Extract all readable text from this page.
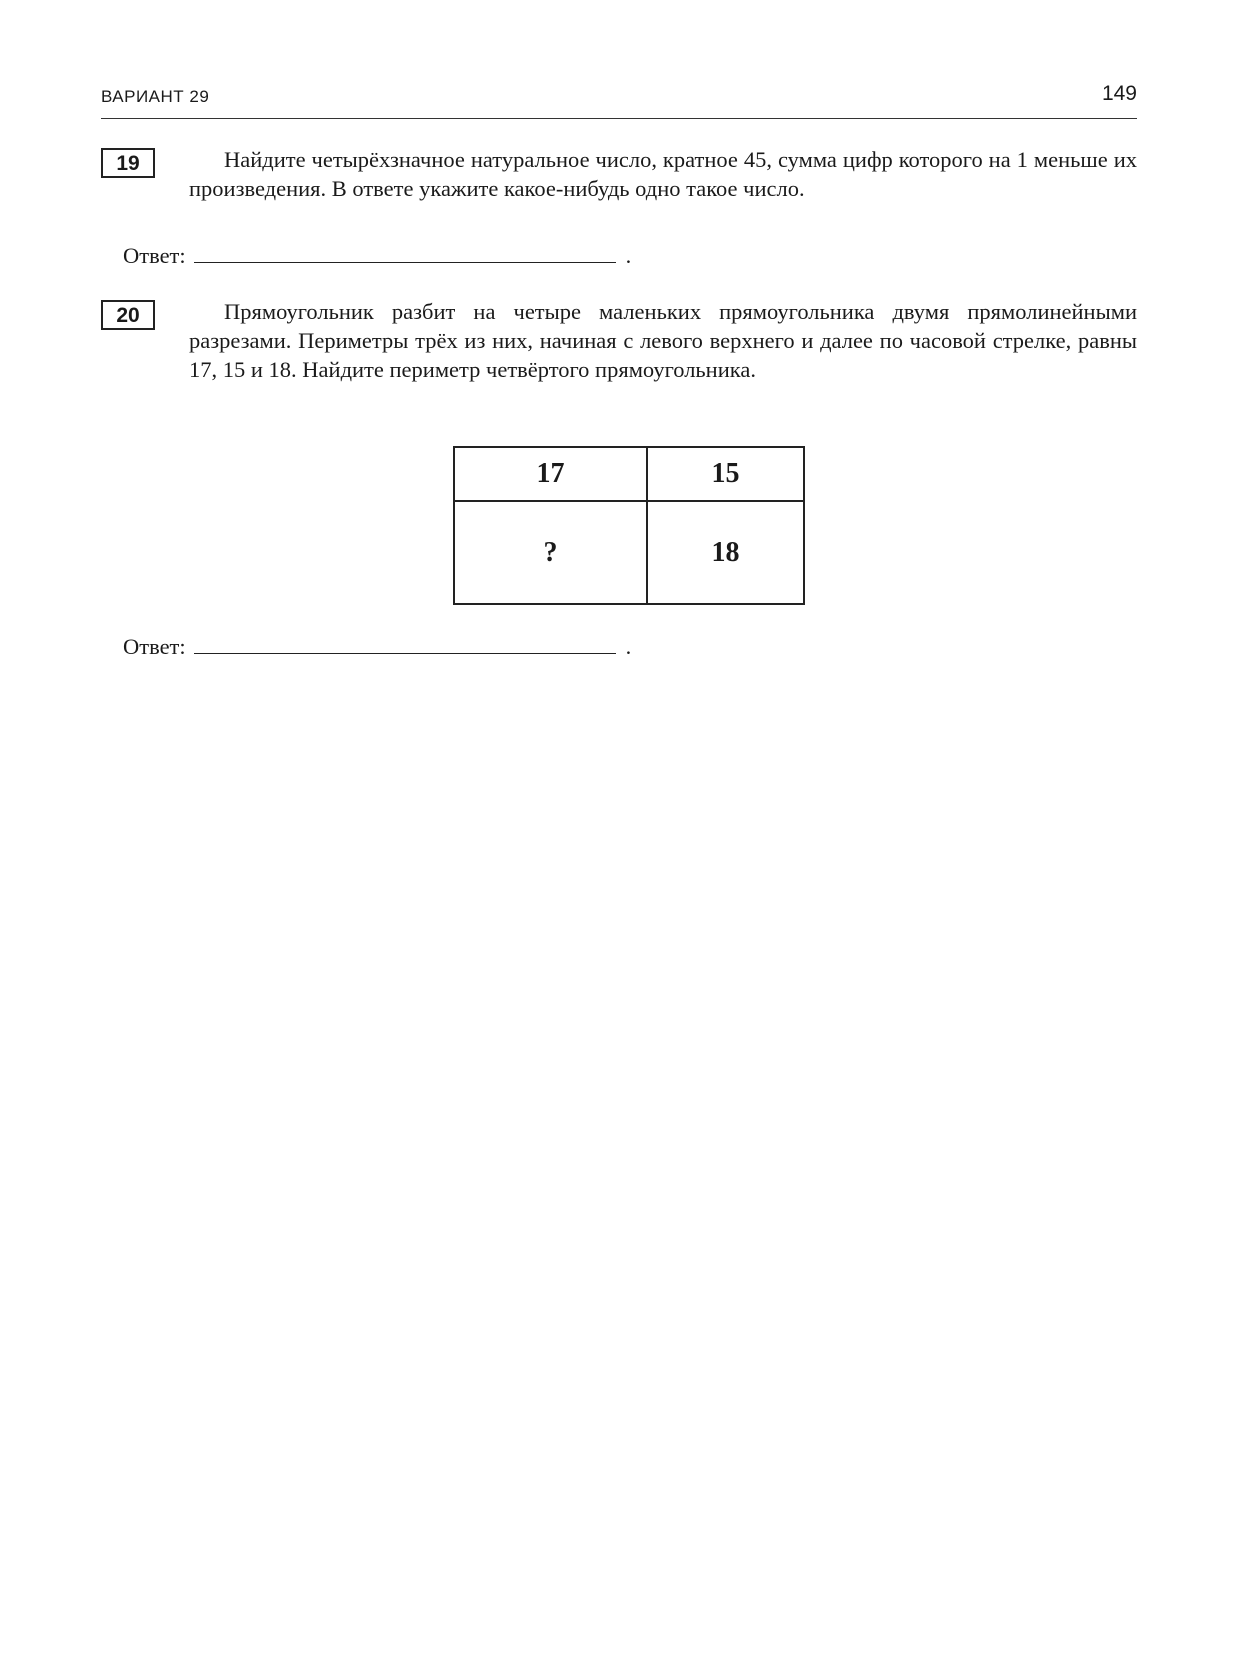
ВАРИАНТ 29	149
19	Найдите четырёхзначное натуральное число, кратное 45, сумма цифр которого на 1 меньше их произведения. В ответе укажите какое-нибудь одно такое число.

Ответ:	.
20	Прямоугольник разбит на четыре маленьких прямоугольника двумя прямолинейными разрезами. Периметры трёх из них, начиная с левого верхнего и далее по часовой стрелке, равны 17, 15 и 18. Найдите периметр четвёртого прямоугольника.

17	15
?	18
Ответ:	.
